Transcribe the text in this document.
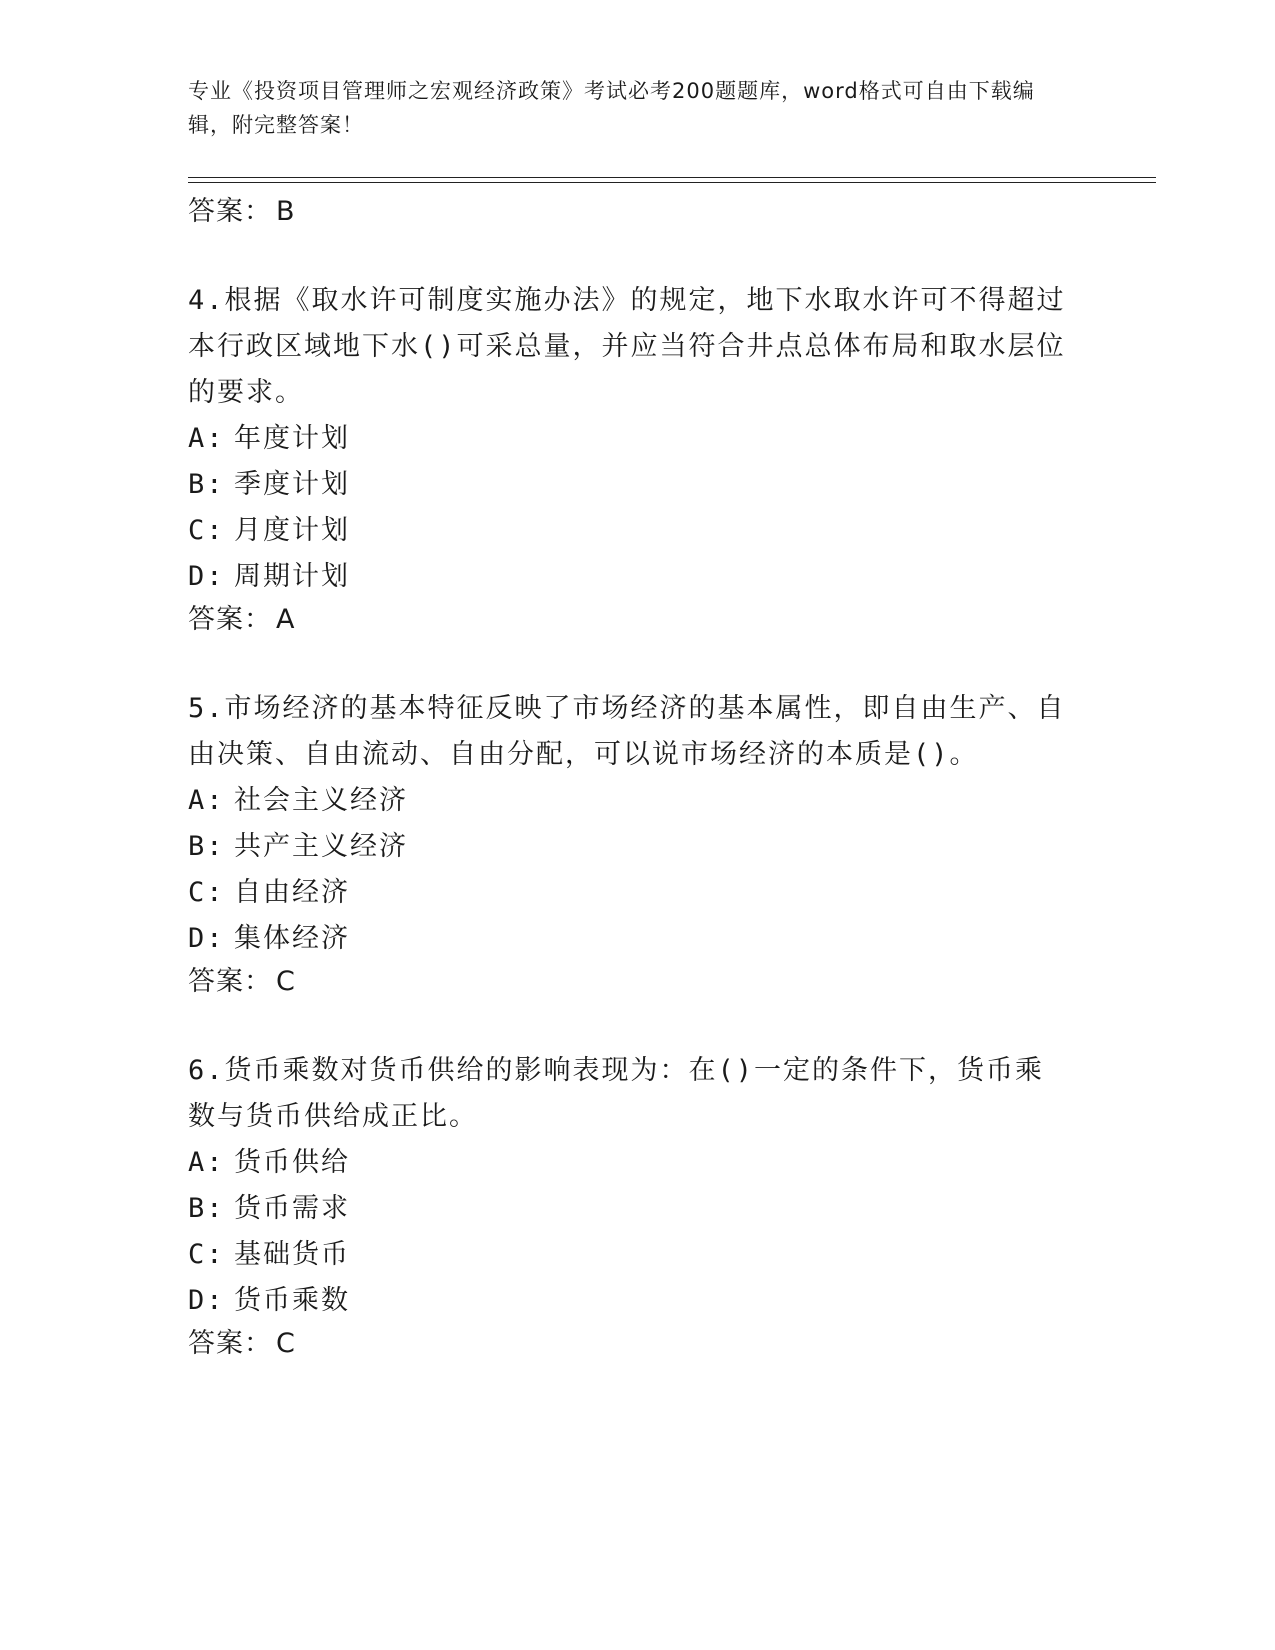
专业《投资项目管理师之宏观经济政策》考试必考200题题库，word格式可自由下载编辑，附完整答案！

答案： B

4.根据《取水许可制度实施办法》的规定，地下水取水许可不得超过本行政区域地下水()可采总量，并应当符合井点总体布局和取水层位的要求。

A: 年度计划
B: 季度计划
C: 月度计划
D: 周期计划

答案： A

5.市场经济的基本特征反映了市场经济的基本属性，即自由生产、自由决策、自由流动、自由分配，可以说市场经济的本质是()。

A: 社会主义经济
B: 共产主义经济
C: 自由经济
D: 集体经济

答案： C

6.货币乘数对货币供给的影响表现为：在()一定的条件下，货币乘数与货币供给成正比。

A: 货币供给
B: 货币需求
C: 基础货币
D: 货币乘数

答案： C
